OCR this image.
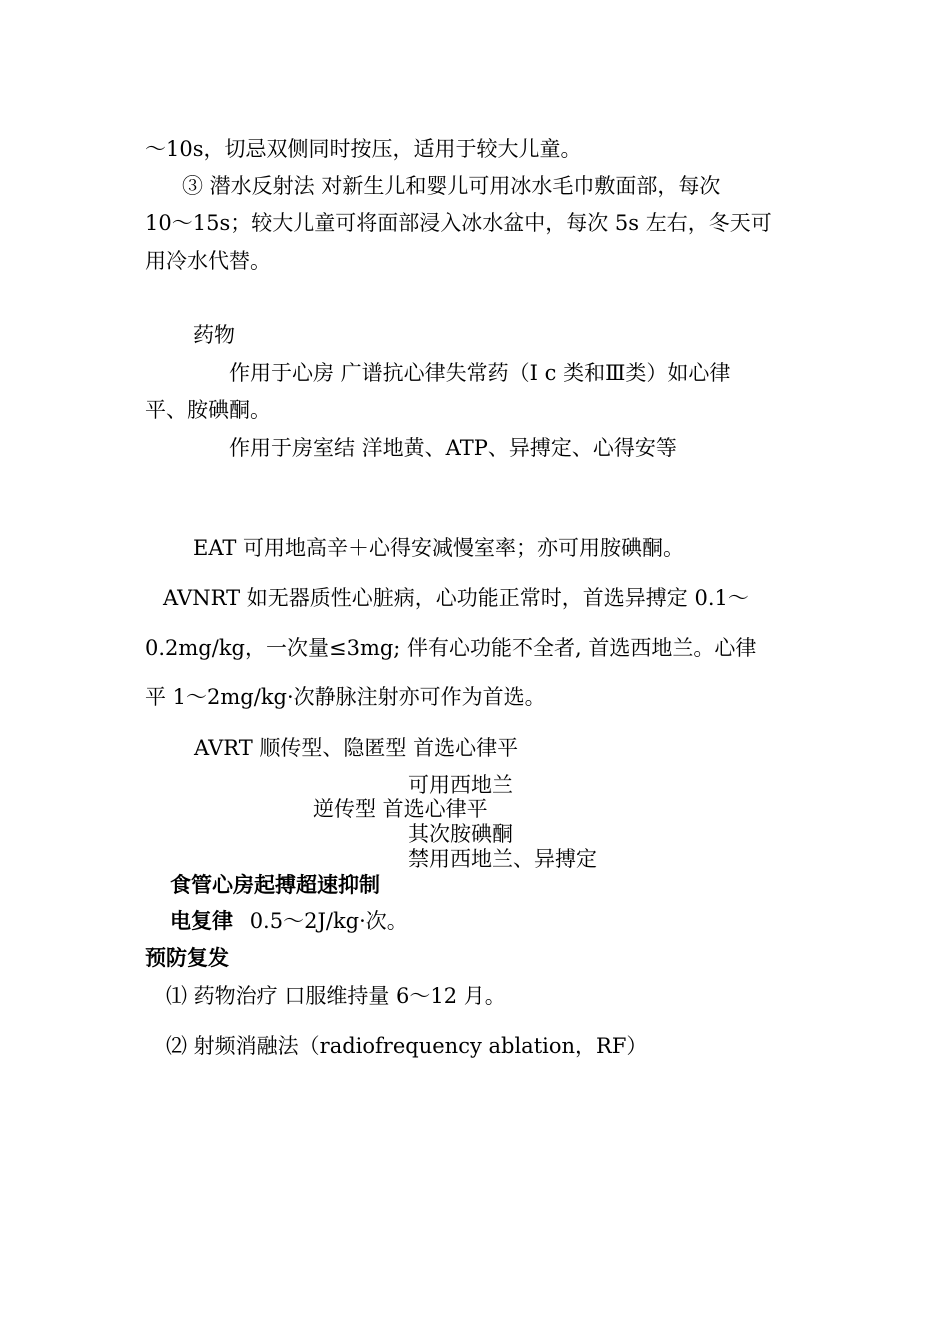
～10s，切忌双侧同时按压，适用于较大儿童。
③ 潜水反射法 对新生儿和婴儿可用冰水毛巾敷面部，每次
10～15s；较大儿童可将面部浸入冰水盆中，每次 5s 左右，冬天可
用冷水代替。
药物
作用于心房 广谱抗心律失常药（Ⅰ c 类和Ⅲ类）如心律
平、胺碘酮。
作用于房室结 洋地黄、ATP、异搏定、心得安等
EAT 可用地高辛＋心得安减慢室率；亦可用胺碘酮。
AVNRT 如无器质性心脏病，心功能正常时，首选异搏定 0.1～
0.2mg/kg，一次量≤3mg; 伴有心功能不全者, 首选西地兰。心律
平 1～2mg/kg·次静脉注射亦可作为首选。
AVRT 顺传型、隐匿型 首选心律平
可用西地兰
逆传型 首选心律平
其次胺碘酮
禁用西地兰、异搏定
食管心房起搏超速抑制
电复律 0.5～2J/kg·次。
预防复发
⑴ 药物治疗 口服维持量 6～12 月。
⑵ 射频消融法（radiofrequency ablation，RF）
